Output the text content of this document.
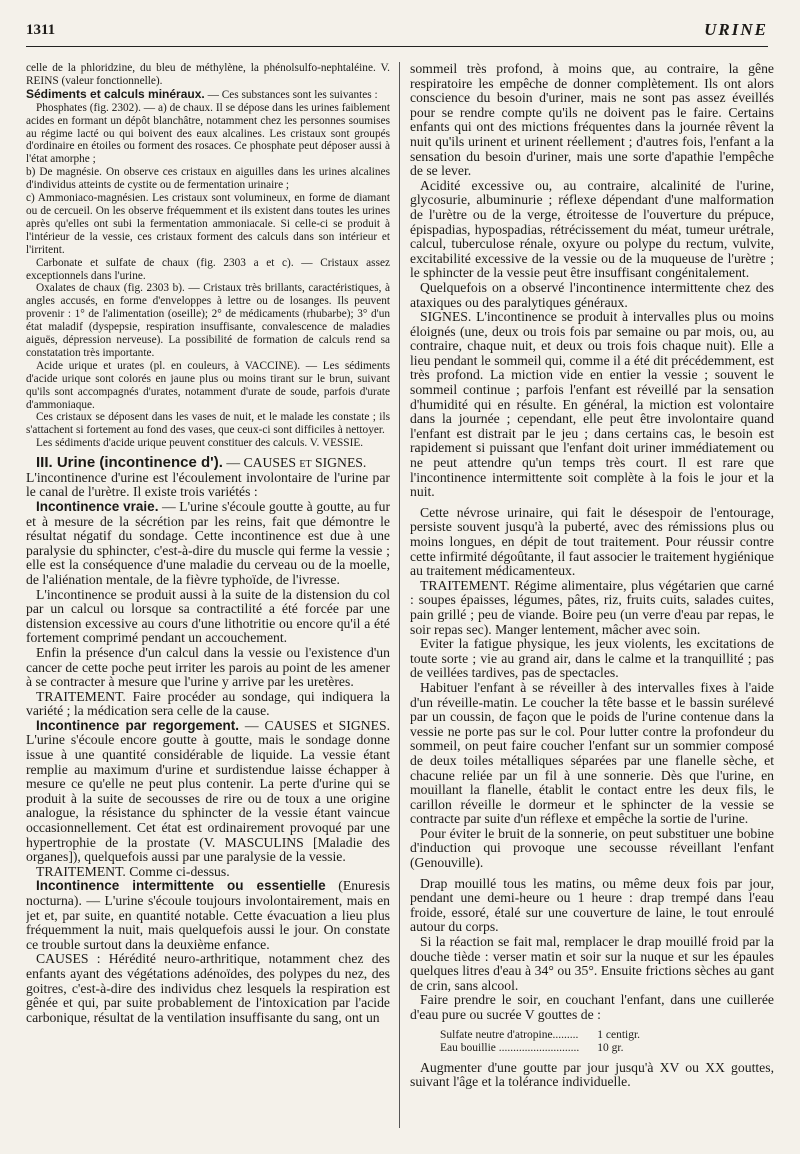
1311	URINE

celle de la phloridzine, du bleu de méthylène, la phénolsulfo-nephtaléine. V. REINS (valeur fonctionnelle).

Sédiments et calculs minéraux. — Ces substances sont les suivantes :

Phosphates (fig. 2302). — a) de chaux. Il se dépose dans les urines faiblement acides en formant un dépôt blanchâtre, notamment chez les personnes soumises au régime lacté ou qui boivent des eaux alcalines. Les cristaux sont groupés d'ordinaire en étoiles ou forment des rosaces. Ce phosphate peut déposer aussi à l'état amorphe ;

b) De magnésie. On observe ces cristaux en aiguilles dans les urines alcalines d'individus atteints de cystite ou de fermentation urinaire ;

c) Ammoniaco-magnésien. Les cristaux sont volumineux, en forme de diamant ou de cercueil. On les observe fréquemment et ils existent dans toutes les urines après qu'elles ont subi la fermentation ammoniacale. Si celle-ci se produit à l'intérieur de la vessie, ces cristaux forment des calculs dans son intérieur et l'irritent.

Carbonate et sulfate de chaux (fig. 2303 a et c). — Cristaux assez exceptionnels dans l'urine.

Oxalates de chaux (fig. 2303 b). — Cristaux très brillants, caractéristiques, à angles accusés, en forme d'enveloppes à lettre ou de losanges. Ils peuvent provenir : 1° de l'alimentation (oseille); 2° de médicaments (rhubarbe); 3° d'un état maladif (dyspepsie, respiration insuffisante, convalescence de maladies aiguës, dépression nerveuse). La possibilité de formation de calculs rend sa constatation très importante.

Acide urique et urates (pl. en couleurs, à VACCINE). — Les sédiments d'acide urique sont colorés en jaune plus ou moins tirant sur le brun, suivant qu'ils sont accompagnés d'urates, notamment d'urate de soude, parfois d'urate d'ammoniaque.

Ces cristaux se déposent dans les vases de nuit, et le malade les constate ; ils s'attachent si fortement au fond des vases, que ceux-ci sont difficiles à nettoyer.

Les sédiments d'acide urique peuvent constituer des calculs. V. VESSIE.

III. Urine (incontinence d'). — CAUSES et SIGNES.

L'incontinence d'urine est l'écoulement involontaire de l'urine par le canal de l'urètre. Il existe trois variétés :

Incontinence vraie. — L'urine s'écoule goutte à goutte, au fur et à mesure de la sécrétion par les reins, fait que démontre le résultat négatif du sondage. Cette incontinence est due à une paralysie du sphincter, c'est-à-dire du muscle qui ferme la vessie ; elle est la conséquence d'une maladie du cerveau ou de la moelle, de l'aliénation mentale, de la fièvre typhoïde, de l'ivresse.

L'incontinence se produit aussi à la suite de la distension du col par un calcul ou lorsque sa contractilité a été forcée par une distension excessive au cours d'une lithotritie ou encore qu'il a été fortement comprimé pendant un accouchement.

Enfin la présence d'un calcul dans la vessie ou l'existence d'un cancer de cette poche peut irriter les parois au point de les amener à se contracter à mesure que l'urine y arrive par les uretères.

TRAITEMENT. Faire procéder au sondage, qui indiquera la variété ; la médication sera celle de la cause.

Incontinence par regorgement. — CAUSES et SIGNES. L'urine s'écoule encore goutte à goutte, mais le sondage donne issue à une quantité considérable de liquide. La vessie étant remplie au maximum d'urine et surdistendue laisse échapper à mesure ce qu'elle ne peut plus contenir. La perte d'urine qui se produit à la suite de secousses de rire ou de toux a une origine analogue, la résistance du sphincter de la vessie étant vaincue occasionnellement. Cet état est ordinairement provoqué par une hypertrophie de la prostate (V. MASCULINS [Maladie des organes]), quelquefois aussi par une paralysie de la vessie.

TRAITEMENT. Comme ci-dessus.

Incontinence intermittente ou essentielle (Enuresis nocturna). — L'urine s'écoule toujours involontairement, mais en jet et, par suite, en quantité notable. Cette évacuation a lieu plus fréquemment la nuit, mais quelquefois aussi le jour. On constate ce trouble surtout dans la deuxième enfance.

CAUSES : Hérédité neuro-arthritique, notamment chez des enfants ayant des végétations adénoïdes, des polypes du nez, des goitres, c'est-à-dire des individus chez lesquels la respiration est gênée et qui, par suite probablement de l'intoxication par l'acide carbonique, résultat de la ventilation insuffisante du sang, ont un

sommeil très profond, à moins que, au contraire, la gêne respiratoire les empêche de donner complètement. Ils ont alors conscience du besoin d'uriner, mais ne sont pas assez éveillés pour se rendre compte qu'ils ne doivent pas le faire. Certains enfants qui ont des mictions fréquentes dans la journée rêvent la nuit qu'ils urinent et urinent réellement ; d'autres fois, l'enfant a la sensation du besoin d'uriner, mais une sorte d'apathie l'empêche de se lever.

Acidité excessive ou, au contraire, alcalinité de l'urine, glycosurie, albuminurie ; réflexe dépendant d'une malformation de l'urètre ou de la verge, étroitesse de l'ouverture du prépuce, épispadias, hypospadias, rétrécissement du méat, tumeur urétrale, calcul, tuberculose rénale, oxyure ou polype du rectum, vulvite, excitabilité excessive de la vessie ou de la muqueuse de l'urètre ; le sphincter de la vessie peut être insuffisant congénitalement.

Quelquefois on a observé l'incontinence intermittente chez des ataxiques ou des paralytiques généraux.

SIGNES. L'incontinence se produit à intervalles plus ou moins éloignés (une, deux ou trois fois par semaine ou par mois, ou, au contraire, chaque nuit, et deux ou trois fois chaque nuit). Elle a lieu pendant le sommeil qui, comme il a été dit précédemment, est très profond. La miction vide en entier la vessie ; souvent le sommeil continue ; parfois l'enfant est réveillé par la sensation d'humidité qui en résulte. En général, la miction est volontaire dans la journée ; cependant, elle peut être involontaire quand l'enfant est distrait par le jeu ; dans certains cas, le besoin est rapidement si puissant que l'enfant doit uriner immédiatement ou ne peut attendre qu'un temps très court. Il est rare que l'incontinence intermittente soit complète à la fois le jour et la nuit.

Cette névrose urinaire, qui fait le désespoir de l'entourage, persiste souvent jusqu'à la puberté, avec des rémissions plus ou moins longues, en dépit de tout traitement. Pour réussir contre cette infirmité dégoûtante, il faut associer le traitement hygiénique au traitement médicamenteux.

TRAITEMENT. Régime alimentaire, plus végétarien que carné : soupes épaisses, légumes, pâtes, riz, fruits cuits, salades cuites, pain grillé ; peu de viande. Boire peu (un verre d'eau par repas, le soir repas sec). Manger lentement, mâcher avec soin.

Eviter la fatigue physique, les jeux violents, les excitations de toute sorte ; vie au grand air, dans le calme et la tranquillité ; pas de veillées tardives, pas de spectacles.

Habituer l'enfant à se réveiller à des intervalles fixes à l'aide d'un réveille-matin. Le coucher la tête basse et le bassin surélevé par un coussin, de façon que le poids de l'urine contenue dans la vessie ne porte pas sur le col. Pour lutter contre la profondeur du sommeil, on peut faire coucher l'enfant sur un sommier composé de deux toiles métalliques séparées par une flanelle sèche, et chacune reliée par un fil à une sonnerie. Dès que l'urine, en mouillant la flanelle, établit le contact entre les deux fils, le carillon réveille le dormeur et le sphincter de la vessie se contracte par suite d'un réflexe et empêche la sortie de l'urine.

Pour éviter le bruit de la sonnerie, on peut substituer une bobine d'induction qui provoque une secousse réveillant l'enfant (Genouville).

Drap mouillé tous les matins, ou même deux fois par jour, pendant une demi-heure ou 1 heure : drap trempé dans l'eau froide, essoré, étalé sur une couverture de laine, le tout enroulé autour du corps.

Si la réaction se fait mal, remplacer le drap mouillé froid par la douche tiède : verser matin et soir sur la nuque et sur les épaules quelques litres d'eau à 34° ou 35°. Ensuite frictions sèches au gant de crin, sans alcool.

Faire prendre le soir, en couchant l'enfant, dans une cuillerée d'eau pure ou sucrée V gouttes de :

Sulfate neutre d'atropine.........	1 centigr.
Eau bouillie ............................	10 gr.

Augmenter d'une goutte par jour jusqu'à XV ou XX gouttes, suivant l'âge et la tolérance individuelle.
